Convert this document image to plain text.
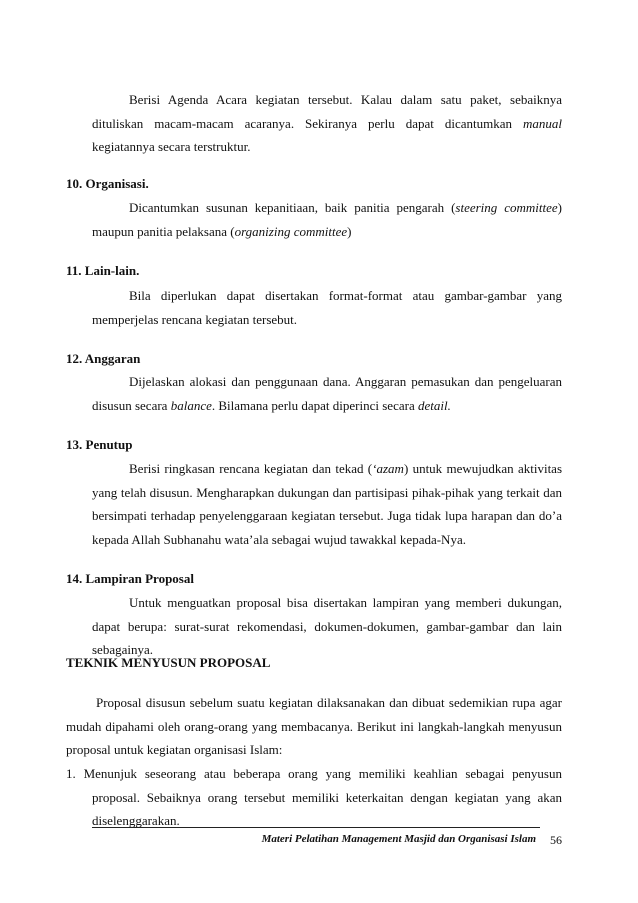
Berisi Agenda Acara kegiatan tersebut. Kalau dalam satu paket, sebaiknya dituliskan macam-macam acaranya. Sekiranya perlu dapat dicantumkan manual kegiatannya secara terstruktur.
10. Organisasi.
Dicantumkan susunan kepanitiaan, baik panitia pengarah (steering committee) maupun panitia pelaksana (organizing committee)
11. Lain-lain.
Bila diperlukan dapat disertakan format-format atau gambar-gambar yang memperjelas rencana kegiatan tersebut.
12. Anggaran
Dijelaskan alokasi dan penggunaan dana. Anggaran pemasukan dan pengeluaran disusun secara balance. Bilamana perlu dapat diperinci secara detail.
13. Penutup
Berisi ringkasan rencana kegiatan dan tekad (‘azam) untuk mewujudkan aktivitas yang telah disusun. Mengharapkan dukungan dan partisipasi pihak-pihak yang terkait dan bersimpati terhadap penyelenggaraan kegiatan tersebut. Juga tidak lupa harapan dan do’a kepada Allah Subhanahu wata’ala sebagai wujud tawakkal kepada-Nya.
14. Lampiran Proposal
Untuk menguatkan proposal bisa disertakan lampiran yang memberi dukungan, dapat berupa: surat-surat rekomendasi, dokumen-dokumen, gambar-gambar dan lain sebagainya.
TEKNIK MENYUSUN PROPOSAL
Proposal disusun sebelum suatu kegiatan dilaksanakan dan dibuat sedemikian rupa agar mudah dipahami oleh orang-orang yang membacanya. Berikut ini langkah-langkah menyusun proposal untuk kegiatan organisasi Islam:
1. Menunjuk seseorang atau beberapa orang yang memiliki keahlian sebagai penyusun proposal. Sebaiknya orang tersebut memiliki keterkaitan dengan kegiatan yang akan diselenggarakan.
Materi Pelatihan Management Masjid dan Organisasi Islam 56
